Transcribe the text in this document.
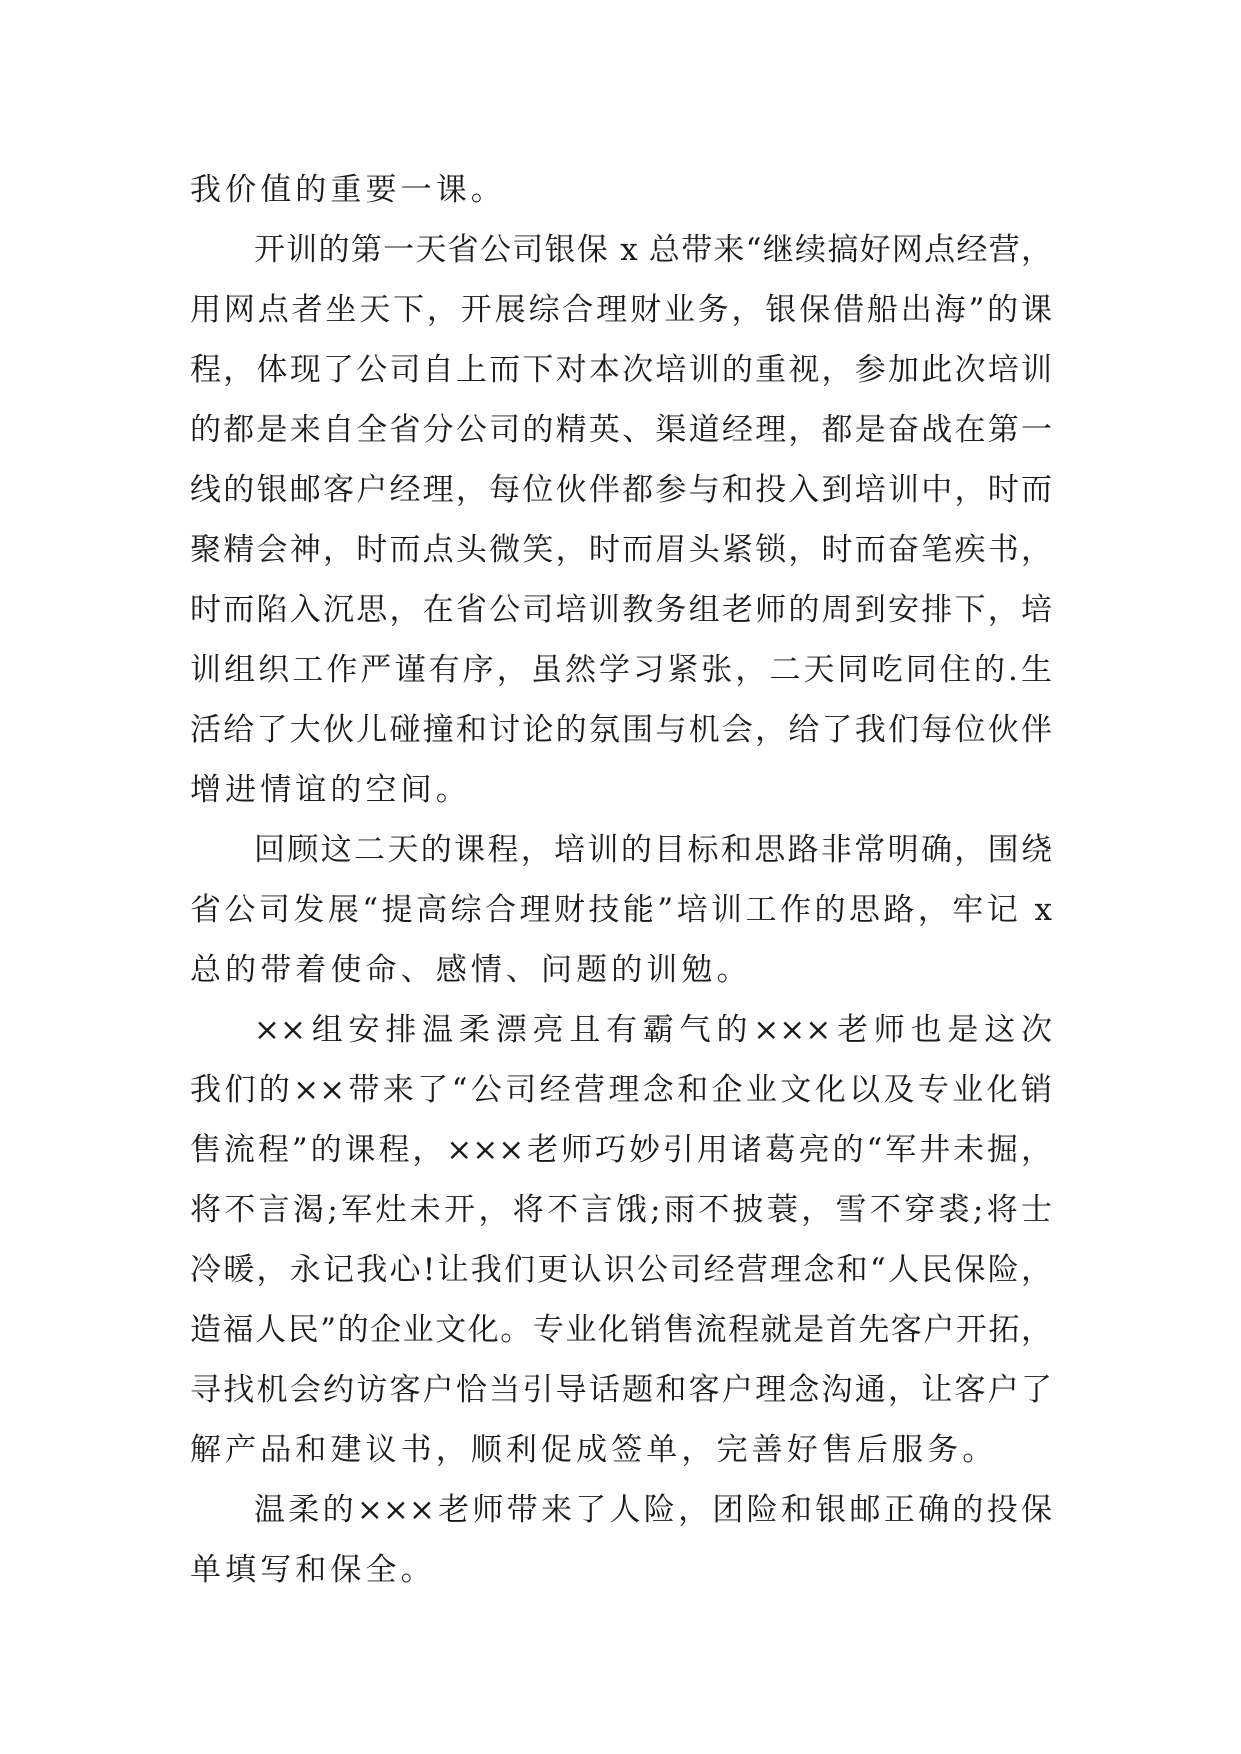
我价值的重要一课。
开训的第一天省公司银保 x 总带来“继续搞好网点经营，
用网点者坐天下，开展综合理财业务，银保借船出海”的课
程，体现了公司自上而下对本次培训的重视，参加此次培训
的都是来自全省分公司的精英、渠道经理，都是奋战在第一
线的银邮客户经理，每位伙伴都参与和投入到培训中，时而
聚精会神，时而点头微笑，时而眉头紧锁，时而奋笔疾书，
时而陷入沉思，在省公司培训教务组老师的周到安排下，培
训组织工作严谨有序，虽然学习紧张，二天同吃同住的.生
活给了大伙儿碰撞和讨论的氛围与机会，给了我们每位伙伴
增进情谊的空间。
回顾这二天的课程，培训的目标和思路非常明确，围绕
省公司发展“提高综合理财技能”培训工作的思路，牢记 x
总的带着使命、感情、问题的训勉。
××组安排温柔漂亮且有霸气的×××老师也是这次
我们的××带来了“公司经营理念和企业文化以及专业化销
售流程”的课程，×××老师巧妙引用诸葛亮的“军井未掘，
将不言渴;军灶未开，将不言饿;雨不披蓑，雪不穿裘;将士
冷暖，永记我心!让我们更认识公司经营理念和“人民保险，
造福人民”的企业文化。专业化销售流程就是首先客户开拓，
寻找机会约访客户恰当引导话题和客户理念沟通，让客户了
解产品和建议书，顺利促成签单，完善好售后服务。
温柔的×××老师带来了人险，团险和银邮正确的投保
单填写和保全。
